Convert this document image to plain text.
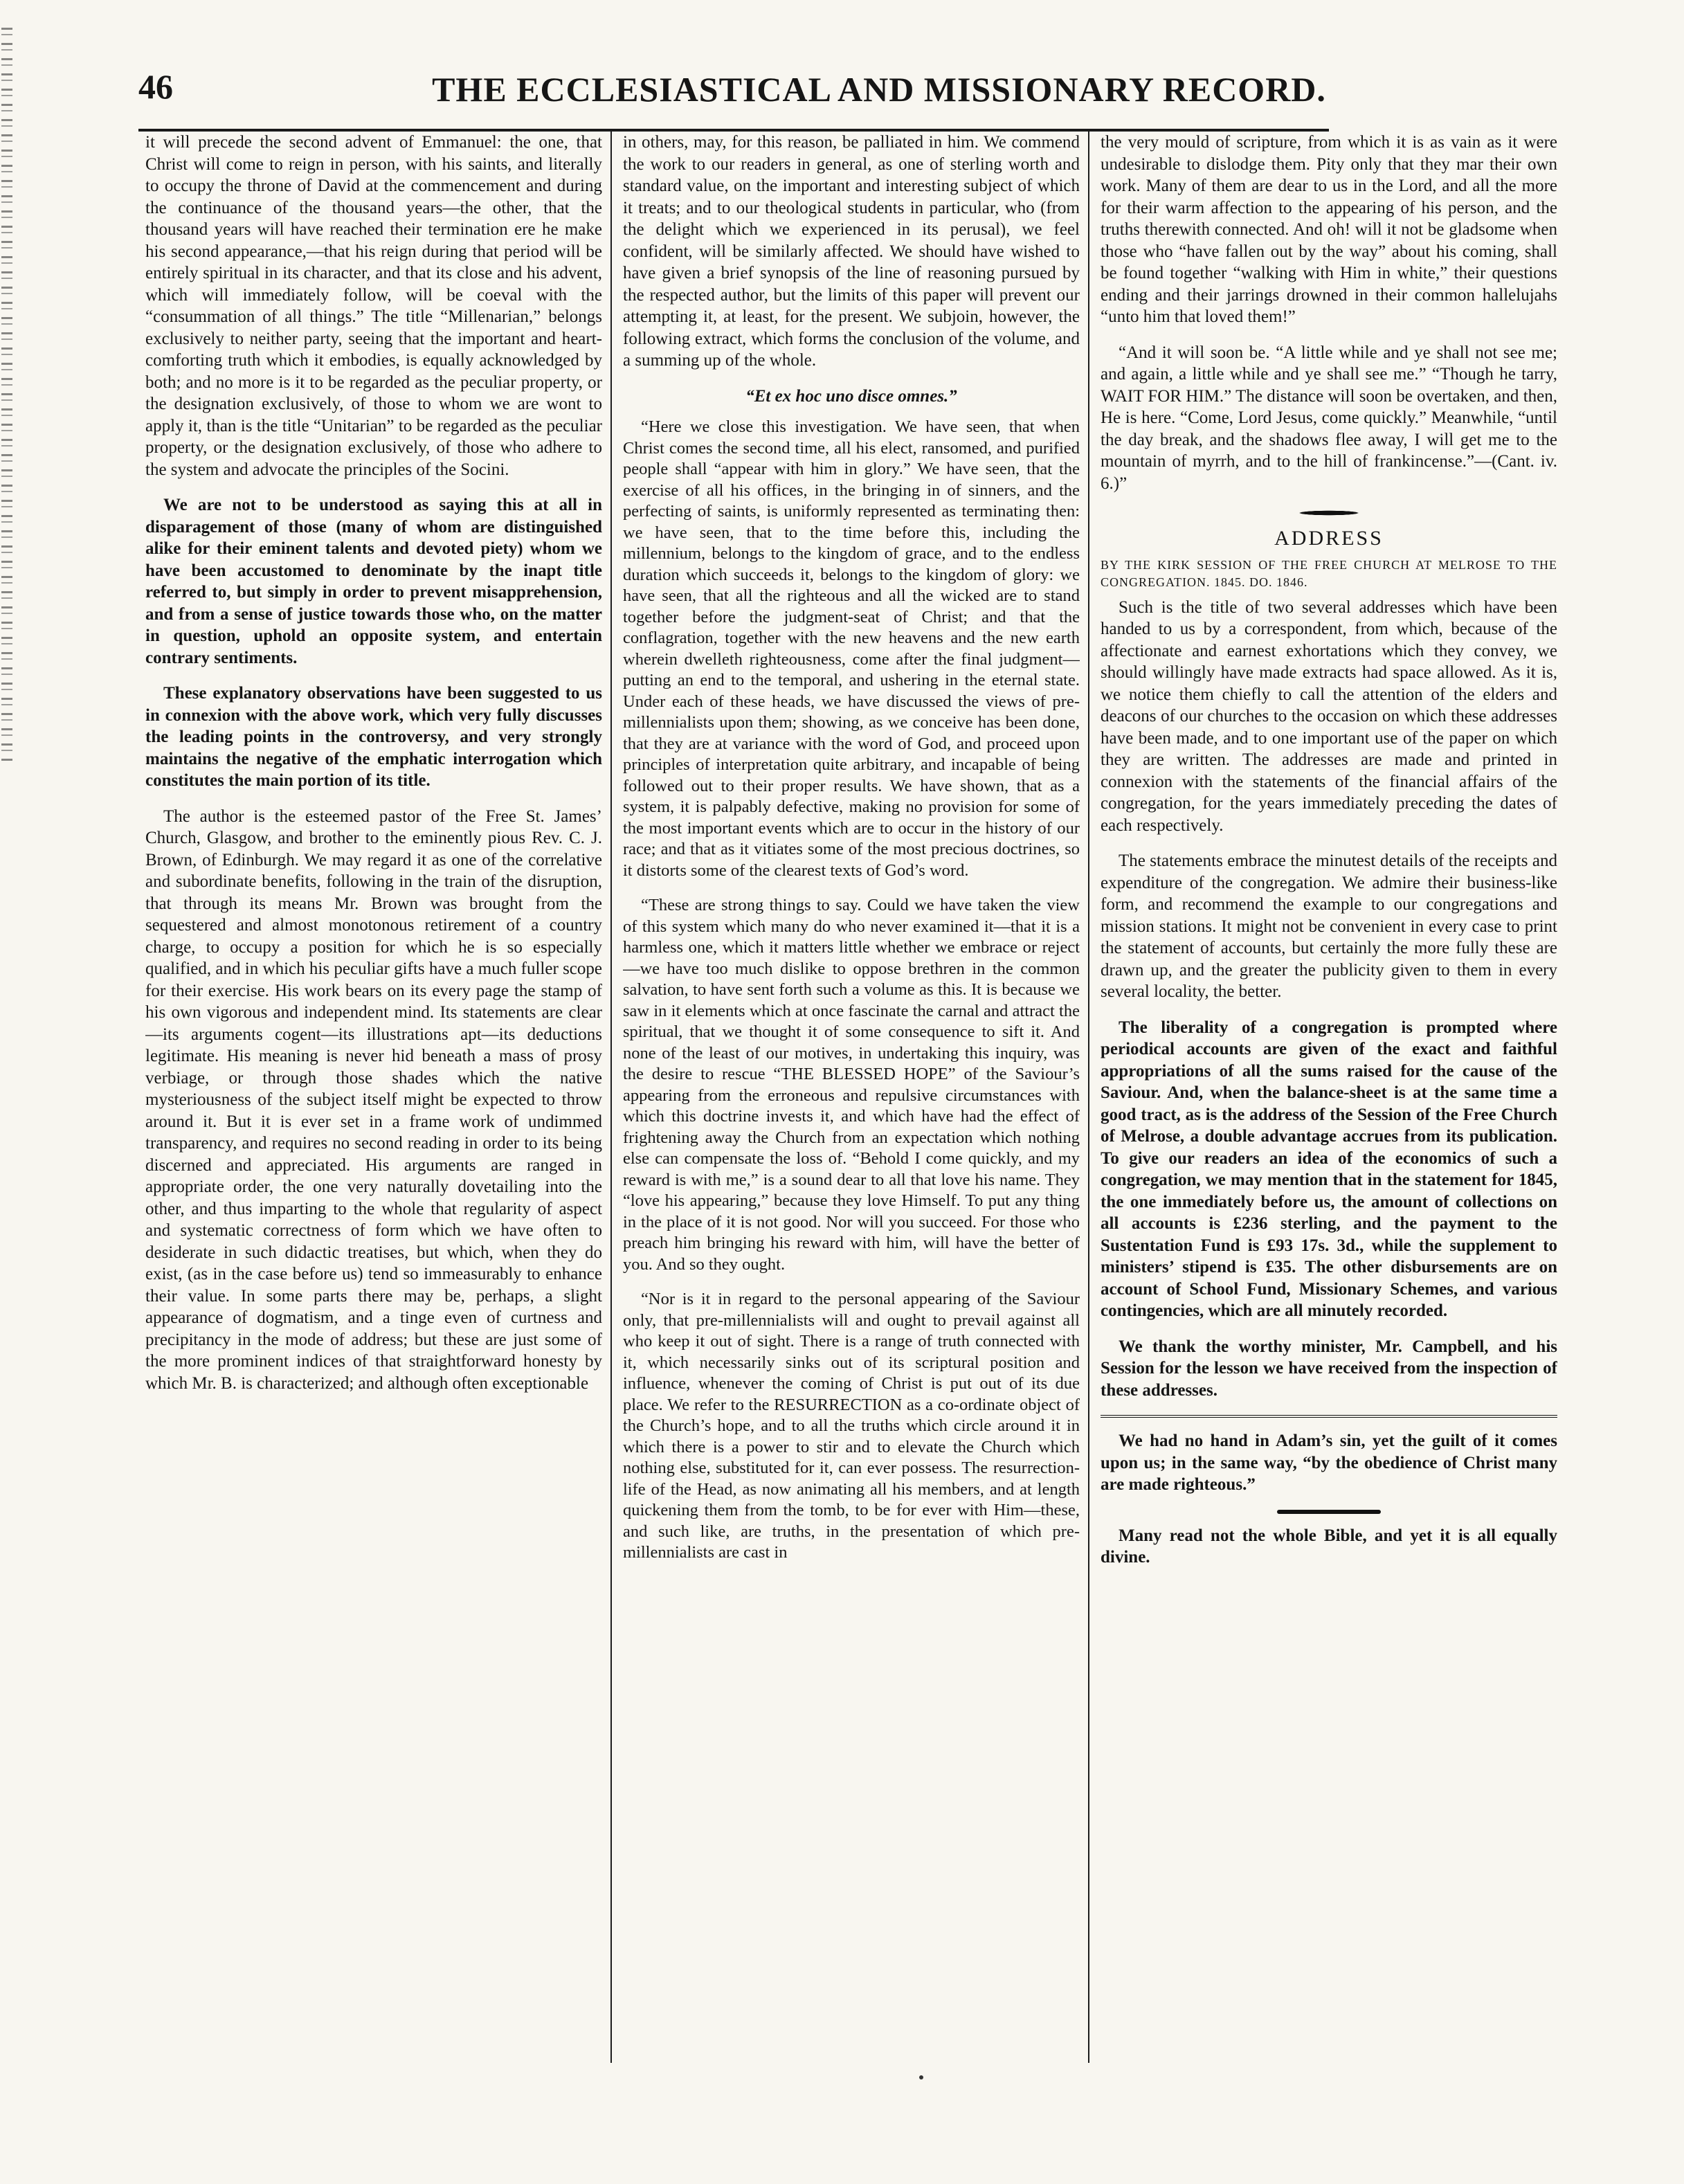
46	THE ECCLESIASTICAL AND MISSIONARY RECORD.

it will precede the second advent of Emmanuel: the one, that Christ will come to reign in person, with his saints, and literally to occupy the throne of David at the commencement and during the continuance of the thousand years—the other, that the thousand years will have reached their termination ere he make his second appearance,—that his reign during that period will be entirely spiritual in its character, and that its close and his advent, which will immediately follow, will be coeval with the “consummation of all things.” The title “Millenarian,” belongs exclusively to neither party, seeing that the important and heart-comforting truth which it embodies, is equally acknowledged by both; and no more is it to be regarded as the peculiar property, or the designation exclusively, of those to whom we are wont to apply it, than is the title “Unitarian” to be regarded as the peculiar property, or the designation exclusively, of those who adhere to the system and advocate the principles of the Socini.

We are not to be understood as saying this at all in disparagement of those (many of whom are distinguished alike for their eminent talents and devoted piety) whom we have been accustomed to denominate by the inapt title referred to, but simply in order to prevent misapprehension, and from a sense of justice towards those who, on the matter in question, uphold an opposite system, and entertain contrary sentiments.

These explanatory observations have been suggested to us in connexion with the above work, which very fully discusses the leading points in the controversy, and very strongly maintains the negative of the emphatic interrogation which constitutes the main portion of its title.

The author is the esteemed pastor of the Free St. James’ Church, Glasgow, and brother to the eminently pious Rev. C. J. Brown, of Edinburgh. We may regard it as one of the correlative and subordinate benefits, following in the train of the disruption, that through its means Mr. Brown was brought from the sequestered and almost monotonous retirement of a country charge, to occupy a position for which he is so especially qualified, and in which his peculiar gifts have a much fuller scope for their exercise. His work bears on its every page the stamp of his own vigorous and independent mind. Its statements are clear—its arguments cogent—its illustrations apt—its deductions legitimate. His meaning is never hid beneath a mass of prosy verbiage, or through those shades which the native mysteriousness of the subject itself might be expected to throw around it. But it is ever set in a frame work of undimmed transparency, and requires no second reading in order to its being discerned and appreciated. His arguments are ranged in appropriate order, the one very naturally dovetailing into the other, and thus imparting to the whole that regularity of aspect and systematic correctness of form which we have often to desiderate in such didactic treatises, but which, when they do exist, (as in the case before us) tend so immeasurably to enhance their value. In some parts there may be, perhaps, a slight appearance of dogmatism, and a tinge even of curtness and precipitancy in the mode of address; but these are just some of the more prominent indices of that straightforward honesty by which Mr. B. is characterized; and although often exceptionable

in others, may, for this reason, be palliated in him. We commend the work to our readers in general, as one of sterling worth and standard value, on the important and interesting subject of which it treats; and to our theological students in particular, who (from the delight which we experienced in its perusal), we feel confident, will be similarly affected. We should have wished to have given a brief synopsis of the line of reasoning pursued by the respected author, but the limits of this paper will prevent our attempting it, at least, for the present. We subjoin, however, the following extract, which forms the conclusion of the volume, and a summing up of the whole.

“Et ex hoc uno disce omnes.”

“Here we close this investigation. We have seen, that when Christ comes the second time, all his elect, ransomed, and purified people shall “appear with him in glory.” We have seen, that the exercise of all his offices, in the bringing in of sinners, and the perfecting of saints, is uniformly represented as terminating then: we have seen, that to the time before this, including the millennium, belongs to the kingdom of grace, and to the endless duration which succeeds it, belongs to the kingdom of glory: we have seen, that all the righteous and all the wicked are to stand together before the judgment-seat of Christ; and that the conflagration, together with the new heavens and the new earth wherein dwelleth righteousness, come after the final judgment—putting an end to the temporal, and ushering in the eternal state. Under each of these heads, we have discussed the views of pre-millennialists upon them; showing, as we conceive has been done, that they are at variance with the word of God, and proceed upon principles of interpretation quite arbitrary, and incapable of being followed out to their proper results. We have shown, that as a system, it is palpably defective, making no provision for some of the most important events which are to occur in the history of our race; and that as it vitiates some of the most precious doctrines, so it distorts some of the clearest texts of God’s word.

“These are strong things to say. Could we have taken the view of this system which many do who never examined it—that it is a harmless one, which it matters little whether we embrace or reject—we have too much dislike to oppose brethren in the common salvation, to have sent forth such a volume as this. It is because we saw in it elements which at once fascinate the carnal and attract the spiritual, that we thought it of some consequence to sift it. And none of the least of our motives, in undertaking this inquiry, was the desire to rescue “THE BLESSED HOPE” of the Saviour’s appearing from the erroneous and repulsive circumstances with which this doctrine invests it, and which have had the effect of frightening away the Church from an expectation which nothing else can compensate the loss of. “Behold I come quickly, and my reward is with me,” is a sound dear to all that love his name. They “love his appearing,” because they love Himself. To put any thing in the place of it is not good. Nor will you succeed. For those who preach him bringing his reward with him, will have the better of you. And so they ought.

“Nor is it in regard to the personal appearing of the Saviour only, that pre-millennialists will and ought to prevail against all who keep it out of sight. There is a range of truth connected with it, which necessarily sinks out of its scriptural position and influence, whenever the coming of Christ is put out of its due place. We refer to the RESURRECTION as a co-ordinate object of the Church’s hope, and to all the truths which circle around it in which there is a power to stir and to elevate the Church which nothing else, substituted for it, can ever possess. The resurrection-life of the Head, as now animating all his members, and at length quickening them from the tomb, to be for ever with Him—these, and such like, are truths, in the presentation of which pre-millennialists are cast in

the very mould of scripture, from which it is as vain as it were undesirable to dislodge them. Pity only that they mar their own work. Many of them are dear to us in the Lord, and all the more for their warm affection to the appearing of his person, and the truths therewith connected. And oh! will it not be gladsome when those who “have fallen out by the way” about his coming, shall be found together “walking with Him in white,” their questions ending and their jarrings drowned in their common hallelujahs “unto him that loved them!”

“And it will soon be. “A little while and ye shall not see me; and again, a little while and ye shall see me.” “Though he tarry, WAIT FOR HIM.” The distance will soon be overtaken, and then, He is here. “Come, Lord Jesus, come quickly.” Meanwhile, “until the day break, and the shadows flee away, I will get me to the mountain of myrrh, and to the hill of frankincense.”—(Cant. iv. 6.)”

ADDRESS
BY THE KIRK SESSION OF THE FREE CHURCH AT MELROSE TO THE CONGREGATION. 1845. DO. 1846.

Such is the title of two several addresses which have been handed to us by a correspondent, from which, because of the affectionate and earnest exhortations which they convey, we should willingly have made extracts had space allowed. As it is, we notice them chiefly to call the attention of the elders and deacons of our churches to the occasion on which these addresses have been made, and to one important use of the paper on which they are written. The addresses are made and printed in connexion with the statements of the financial affairs of the congregation, for the years immediately preceding the dates of each respectively.

The statements embrace the minutest details of the receipts and expenditure of the congregation. We admire their business-like form, and recommend the example to our congregations and mission stations. It might not be convenient in every case to print the statement of accounts, but certainly the more fully these are drawn up, and the greater the publicity given to them in every several locality, the better.

The liberality of a congregation is prompted where periodical accounts are given of the exact and faithful appropriations of all the sums raised for the cause of the Saviour. And, when the balance-sheet is at the same time a good tract, as is the address of the Session of the Free Church of Melrose, a double advantage accrues from its publication. To give our readers an idea of the economics of such a congregation, we may mention that in the statement for 1845, the one immediately before us, the amount of collections on all accounts is £236 sterling, and the payment to the Sustentation Fund is £93 17s. 3d., while the supplement to ministers’ stipend is £35. The other disbursements are on account of School Fund, Missionary Schemes, and various contingencies, which are all minutely recorded.

We thank the worthy minister, Mr. Campbell, and his Session for the lesson we have received from the inspection of these addresses.

We had no hand in Adam’s sin, yet the guilt of it comes upon us; in the same way, “by the obedience of Christ many are made righteous.”

Many read not the whole Bible, and yet it is all equally divine.
